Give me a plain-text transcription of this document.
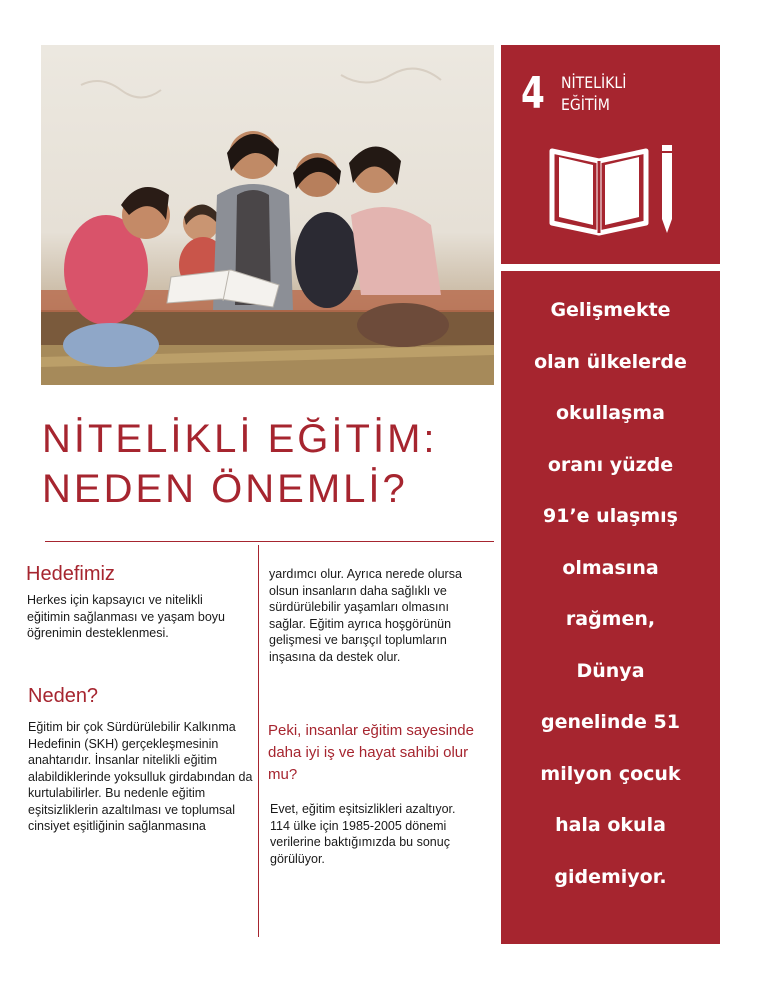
4 NİTELİKLİ
EĞİTİM
Gelişmekte
olan ülkelerde
okullaşma
oranı yüzde
91’e ulaşmış
olmasına
rağmen,
Dünya
genelinde 51
milyon çocuk
hala okula
gidemiyor.
NİTELİKLİ EĞİTİM:
NEDEN ÖNEMLİ?
Hedefimiz

Herkes için kapsayıcı ve nitelikli eğitimin sağlanması ve yaşam boyu öğrenimin desteklenmesi.

Neden?

Eğitim bir çok Sürdürülebilir Kalkınma Hedefinin (SKH) gerçekleşmesinin anahtarıdır. İnsanlar nitelikli eğitim alabildiklerinde yoksulluk girdabından da kurtulabilirler. Bu nedenle eğitim eşitsizliklerin azaltılması ve toplumsal cinsiyet eşitliğinin sağlanmasına

yardımcı olur. Ayrıca nerede olursa olsun insanların daha sağlıklı ve sürdürülebilir yaşamları olmasını sağlar. Eğitim ayrıca hoşgörünün gelişmesi ve barışçıl toplumların inşasına da destek olur.

Peki, insanlar eğitim sayesinde daha iyi iş ve hayat sahibi olur mu?

Evet, eğitim eşitsizlikleri azaltıyor. 114 ülke için 1985-2005 dönemi verilerine baktığımızda bu sonuç görülüyor.
